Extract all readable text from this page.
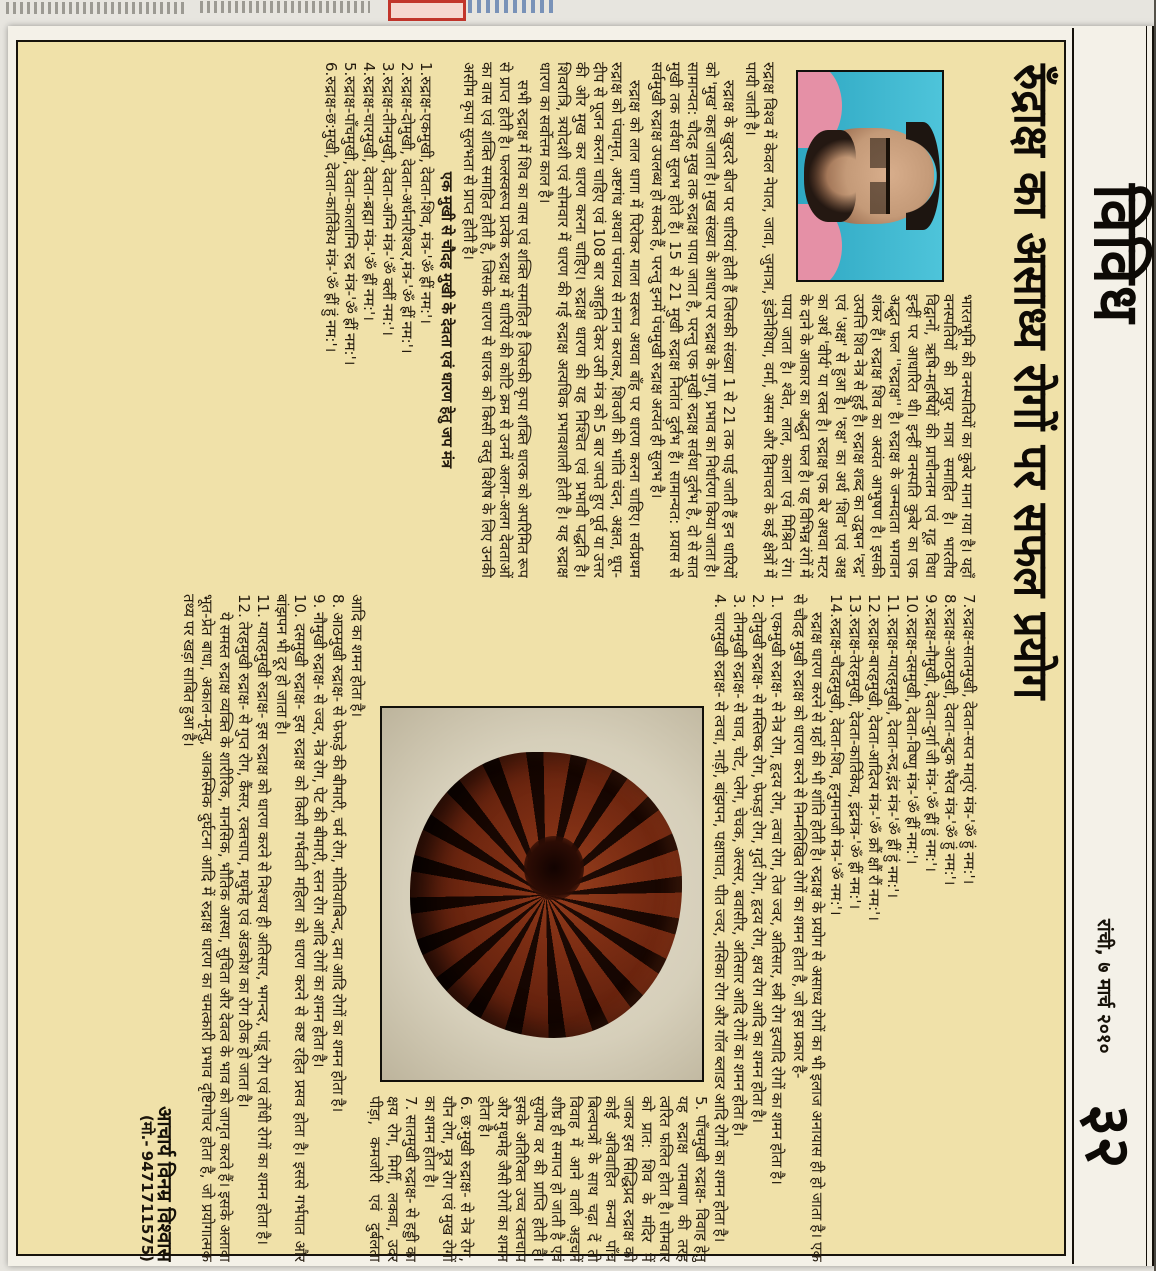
विविध
रांची, ७ मार्च २०१०
३२
रुँद्राक्ष का असाध्य रोगों पर सफल प्रयोग

भारतभूमि की वनस्पतियों का कुबेर माना गया है। यहाँ वनस्पतियों की प्रचुर मात्रा समाहित है। भारतीय विद्वानों, ऋषि-महर्षियों की प्राचीनतम एवं गूढ़ विधा इन्हीं पर आधारित थी। इन्हीं वनस्पति कुबेर का एक अद्भुत फल ''रुद्राक्ष'' है। रुद्राक्ष के जन्मदाता भगवान शंकर हैं। रुद्राक्ष शिव का अत्यंत आभुषण है। इसकी उत्पत्ति शिव नेत्र से हुई है। रुद्राक्ष शब्द का उद्वषन 'रुद्र' एवं 'अक्ष' से हुआ है। 'रुक्ष' का अर्थ 'शिव' एवं अक्ष का अर्थ 'वीर्य' या रक्त है। रुद्राक्ष एक बेर अथवा मटर के दाने के आकार का अद्भुत फल है। यह विभिन्न रंगों में पाया जाता है। श्वेत, लाल, काला एवं मिश्रित रंग। रुद्राक्ष विश्व में केवल नेपाल, जावा, जुमात्रा, इंडोनेशिया, वर्मा, असम और हिमाचल के कई क्षेत्रों में पायी जाती है।

रुद्राक्ष के खुरदरे बीज पर धारियां होती हैं जिसकी संख्या 1 से 21 तक पाई जाती हैं इन धारियों को 'मुख' कहा जाता है। मुख संख्या के आधार पर रुद्राक्ष के गुण, प्रभाव का निर्धारण किया जाता है। सामान्यत: चौदह मुख तक रुद्राक्ष पाया जाता है, परन्तु एक मुखी रुद्राक्ष सर्वथा दुर्लभ है, दो से सात मुखी तक सर्वथा सुलभ होते हैं। 15 से 21 मुखी रुद्राक्ष नितांत दुर्लभ हैं। सामान्यत: प्रयास से सर्वमुखी रुद्राक्ष उपलब्ध हो सकते हैं, परन्तु इनमें पंचमुखी रुद्राक्ष अत्यंत ही सुलभ है।

रुद्राक्ष को लाल धागा में पिरोकर माला स्वरूप अथवा बाँह पर धारण करना चाहिए। सर्वप्रथम रुद्राक्ष को पंचामृत, अष्टगंध अथवा पंचगव्य से स्नान कराकर, शिवजी की भांति चंदन, अक्षत, धूप-दीप से पूजन करना चाहिए एवं 108 बार आहुति देकर उसी मंत्र को 5 बार जपते हुए पूर्व या उत्तर की ओर मुख कर धारण करना चाहिए। रुद्राक्ष धारण की यह निश्चित एवं प्रभावी पद्धति है। शिवरात्रि, त्रयोदशी एवं सोमवार में धारण की गई रुद्राक्ष अत्यधिक प्रभावशाली होती है। यह रुद्राक्ष धारण का सर्वोत्तम काल है।

सभी रुद्राक्ष में शिव का वास एवं शक्ति समाहित है जिसकी कृपा शक्ति धारक को अपरिमित रूप से प्राप्त होती है। फलस्वरूप प्रत्येक रुद्राक्ष में धारियों की कोटि क्रम से उनमें अलग-अलग देवताओं का वास एवं शक्ति समाहित होती है, जिसके धारण से धारक को किसी वस्तु विशेष के लिए उनकी असीम कृपा सुलभता से प्राप्त होती है।

एक मुखी से चौदह मुखी के देवता एवं धारण हेतु जप मंत्र
1.रुद्राक्ष-एकमुखी, देवता-शिव, मंत्र-'ॐ ह्रीं नम:'।
2.रुद्राक्ष-दोमुखी, देवता-अर्धनारीश्वर,मंत्र-'ॐ ह्रीं नम:'।
3.रुद्राक्ष-तीनमुखी, देवता-अग्नि मंत्र-'ॐ क्लीं नम:'।
4.रुद्राक्ष-चारमुखी, देवता-ब्रह्मा मंत्र-'ॐ ह्रीं नम:'।
5.रुद्राक्ष-पाँचमुखी, देवता-कालाग्नि रुद्र मंत्र-'ॐ ह्रीं नम:'।
6.रुद्राक्ष-छ:मुखी, देवता-कार्तिकेय मंत्र-'ॐ ह्रीं हुं नम:'।
7.रुद्राक्ष-सातमुखी, देवता-सप्त मातृएं मंत्र-'ॐ हुं नम:'।
8.रुद्राक्ष-आठमुखी, देवता-बटुक भैरव मंत्र-'ॐ हुं नम:'।
9.रुद्राक्ष-नौमुखी, देवता-दुर्गा जी मंत्र-'ॐ ह्रीं हुं नम:'।
10.रुद्राक्ष-दसमुखी, देवता-विष्णु मंत्र-'ॐ ह्रीं नम:'।
11.रुद्राक्ष-ग्यारहमुखी, देवता-रुद्र,इंद्र मंत्र-'ॐ ह्रीं हुं नम:'।
12.रुद्राक्ष-बारहमुखी, देवता-आदित्य मंत्र-'ॐ क्रौं क्षौं रौं नम:'।
13.रुद्राक्ष-तेरहमुखी, देवता-कार्तिकेय, इंद्रमंत्र-'ॐ ह्रीं नम:'।
14.रुद्राक्ष-चौदहमुखी, देवता-शिव, हनुमानजी मंत्र-'ॐ नम:'।

रुद्राक्ष धारण करने से ग्रहों की भी शांति होती है। रुद्राक्ष के प्रयोग से असाध्य रोगों का भी इलाज अनायास ही हो जाता है। एक से चौदह मुखी रुद्राक्ष को धारण करने से निम्नलिखित रोगों का शमन होता है, जो इस प्रकार है-

1. एकमुखी रुद्राक्ष- से नेत्र रोग, हृदय रोग, त्वचा रोग, तेज ज्वर, अतिसार, स्त्री रोग इत्यादि रोगों का शमन होता है।
2. दोमुखी रुद्राक्ष- से मस्तिष्क रोग, फेफड़ा रोग, गुर्दा रोग, हृदय रोग, क्षय रोग आदि का शमन होता है।
3. तीनमुखी रुद्राक्ष- से घाव, चोट, प्लेग, चेचक, अल्सर, बवासीर, अतिसार आदि रोगों का शमन होता है।
4. चारमुखी रुद्राक्ष- से त्वचा, नाड़ी, बांझपन, पक्षाघात, पीत ज्वर, नसिका रोग और गॉल ब्लाडर आदि रोगों का शमन होता है।
5. पाँचमुखी रुद्राक्ष- विवाह हेतु यह रुद्राक्ष रामबाण की तरह त्वरित फलित होता है। सोमवार को प्रात: शिव के मंदिर में जाकर इस सिद्धिप्रद रुद्राक्ष को कोई अविवाहित कन्या पाँच बिल्वपत्रों के साथ चढ़ा दें तो विवाह में आने वाली अड़चनें शीघ्र ही समाप्त हो जाती है एवं सुयोग्य वर की प्राप्ति होती है। इसके अतिरिक्त उच्च रक्तचाप और मुधमेह जैसी रोगों का शमन होता है।
6. छ:मुखी रुद्राक्ष- से नेत्र रोग, यौन रोग, मूत्र रोग एवं मुख रोगों का शमन होता है।
7. सातमुखी रुद्राक्ष- से हड्डी का क्षय रोग, मिर्गी, लकवा, उदर पीड़ा, कमजोरी एवं दुर्बलता आदि का शमन होता है।
8. आठमुखी रुद्राक्ष- से फेफड़े की बीमारी, चर्म रोग, मोतियाबिन्द, दमा आदि रोगों का शमन होता है।
9. नौमुखी रुद्राक्ष- से ज्वर, नेत्र रोग, पेट की बीमारी, स्तन रोग आदि रोगों का शमन होता है।
10. दसमुखी रुद्राक्ष- इस रुद्राक्ष को किसी गर्भवती महिला को धारण करने से कष्ट रहित प्रसव होता है। इससे गर्भपात और बांझपन भी दूर हो जाता है।
11. ग्यारहमुखी रुद्राक्ष- इस रुद्राक्ष को धारण करने से निश्चय ही अतिसार, भगन्दर, पांडू रोग एवं तोंधी रोगों का शमन होता है।
12. तेरहमुखी रुद्राक्ष- से गुप्त रोग, कैंसर, रक्तचाप, मधुमेह एवं अंडकोश का रोग ठीक हो जाता है।

ये समस्त रुद्राक्ष व्यक्ति के शारीरिक, मानसिक, भौतिक आस्था, सुचिता और देवत्व के भाव को जागृत करते हैं। इसके अलावा भूत-प्रेत बाधा, अकाल-मृत्यु, आकस्मिक दुर्घटना आदि में रुद्राक्ष धारण का चमत्कारी प्रभाव दृष्टिगोचर होता है, जो प्रयोगात्मक तथ्य पर खड़ा साबित हुआ है।

आचार्य विनम्र विश्वास
(मो.- 9471711575)
